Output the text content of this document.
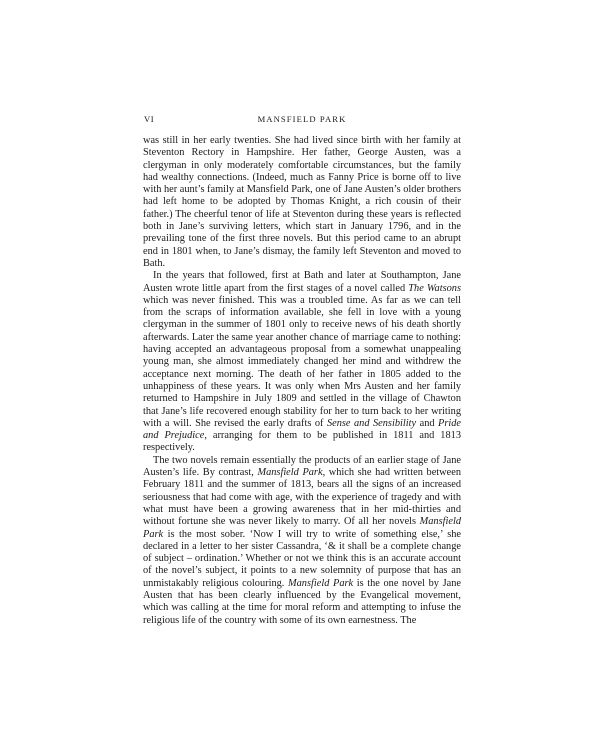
VI	MANSFIELD PARK

was still in her early twenties. She had lived since birth with her family at Steventon Rectory in Hampshire. Her father, George Austen, was a clergyman in only moderately comfortable circumstances, but the family had wealthy connections. (Indeed, much as Fanny Price is borne off to live with her aunt’s family at Mansfield Park, one of Jane Austen’s older brothers had left home to be adopted by Thomas Knight, a rich cousin of their father.) The cheerful tenor of life at Steventon during these years is reflected both in Jane’s surviving letters, which start in January 1796, and in the prevailing tone of the first three novels. But this period came to an abrupt end in 1801 when, to Jane’s dismay, the family left Steventon and moved to Bath.

In the years that followed, first at Bath and later at Southampton, Jane Austen wrote little apart from the first stages of a novel called The Watsons which was never finished. This was a troubled time. As far as we can tell from the scraps of information available, she fell in love with a young clergyman in the summer of 1801 only to receive news of his death shortly afterwards. Later the same year another chance of marriage came to nothing: having accepted an advantageous proposal from a somewhat unappealing young man, she almost immediately changed her mind and withdrew the acceptance next morning. The death of her father in 1805 added to the unhappiness of these years. It was only when Mrs Austen and her family returned to Hampshire in July 1809 and settled in the village of Chawton that Jane’s life recovered enough stability for her to turn back to her writing with a will. She revised the early drafts of Sense and Sensibility and Pride and Prejudice, arranging for them to be published in 1811 and 1813 respectively.

The two novels remain essentially the products of an earlier stage of Jane Austen’s life. By contrast, Mansfield Park, which she had written between February 1811 and the summer of 1813, bears all the signs of an increased seriousness that had come with age, with the experience of tragedy and with what must have been a growing awareness that in her mid-thirties and without fortune she was never likely to marry. Of all her novels Mansfield Park is the most sober. ‘Now I will try to write of something else,’ she declared in a letter to her sister Cassandra, ‘& it shall be a complete change of subject – ordination.’ Whether or not we think this is an accurate account of the novel’s subject, it points to a new solemnity of purpose that has an unmistakably religious colouring. Mansfield Park is the one novel by Jane Austen that has been clearly influenced by the Evangelical movement, which was calling at the time for moral reform and attempting to infuse the religious life of the country with some of its own earnestness. The
